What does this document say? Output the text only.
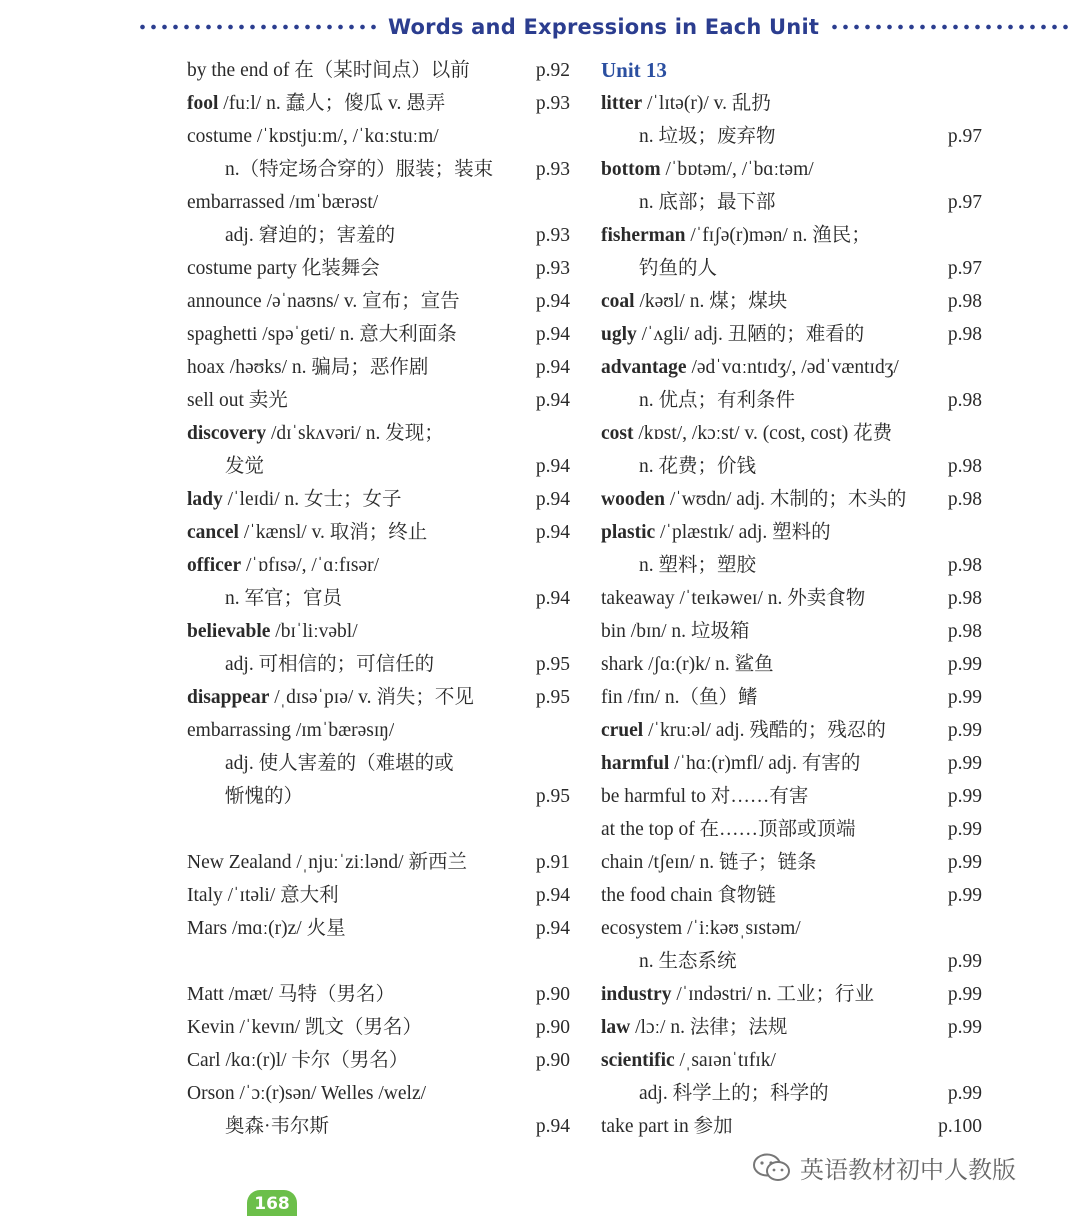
Words and Expressions in Each Unit
by the end of 在（某时间点）以前	p.92
fool /fuːl/ n. 蠢人；傻瓜 v. 愚弄	p.93
costume /ˈkɒstjuːm/, /ˈkɑːstuːm/
n.（特定场合穿的）服装；装束 p.93
embarrassed /ɪmˈbærəst/
adj. 窘迫的；害羞的	p.93
costume party 化装舞会	p.93
announce /əˈnaʊns/ v. 宣布；宣告	p.94
spaghetti /spəˈgeti/ n. 意大利面条	p.94
hoax /həʊks/ n. 骗局；恶作剧	p.94
sell out 卖光	p.94
discovery /dɪˈskʌvəri/ n. 发现；
发觉	p.94
lady /ˈleɪdi/ n. 女士；女子	p.94
cancel /ˈkænsl/ v. 取消；终止	p.94
officer /ˈɒfɪsə/, /ˈɑːfɪsər/
n. 军官；官员	p.94
believable /bɪˈliːvəbl/
adj. 可相信的；可信任的	p.95
disappear /ˌdɪsəˈpɪə/ v. 消失；不见	p.95
embarrassing /ɪmˈbærəsɪŋ/
adj. 使人害羞的（难堪的或
惭愧的）	p.95
New Zealand /ˌnjuːˈziːlənd/ 新西兰	p.91
Italy /ˈɪtəli/ 意大利	p.94
Mars /mɑː(r)z/ 火星	p.94
Matt /mæt/ 马特（男名）	p.90
Kevin /ˈkevɪn/ 凯文（男名）	p.90
Carl /kɑː(r)l/ 卡尔（男名）	p.90
Orson /ˈɔː(r)sən/ Welles /welz/
奥森·韦尔斯	p.94
Unit 13
litter /ˈlɪtə(r)/ v. 乱扔
n. 垃圾；废弃物	p.97
bottom /ˈbɒtəm/, /ˈbɑːtəm/
n. 底部；最下部	p.97
fisherman /ˈfɪʃə(r)mən/ n. 渔民；
钓鱼的人	p.97
coal /kəʊl/ n. 煤；煤块	p.98
ugly /ˈʌgli/ adj. 丑陋的；难看的	p.98
advantage /ədˈvɑːntɪdʒ/, /ədˈvæntɪdʒ/
n. 优点；有利条件	p.98
cost /kɒst/, /kɔːst/ v. (cost, cost) 花费
n. 花费；价钱	p.98
wooden /ˈwʊdn/ adj. 木制的；木头的 p.98
plastic /ˈplæstɪk/ adj. 塑料的
n. 塑料；塑胶	p.98
takeaway /ˈteɪkəweɪ/ n. 外卖食物	p.98
bin /bɪn/ n. 垃圾箱	p.98
shark /ʃɑː(r)k/ n. 鲨鱼	p.99
fin /fɪn/ n.（鱼）鳍	p.99
cruel /ˈkruːəl/ adj. 残酷的；残忍的	p.99
harmful /ˈhɑː(r)mfl/ adj. 有害的	p.99
be harmful to 对……有害	p.99
at the top of 在……顶部或顶端	p.99
chain /tʃeɪn/ n. 链子；链条	p.99
the food chain 食物链	p.99
ecosystem /ˈiːkəʊˌsɪstəm/
n. 生态系统	p.99
industry /ˈɪndəstri/ n. 工业；行业	p.99
law /lɔː/ n. 法律；法规	p.99
scientific /ˌsaɪənˈtɪfɪk/
adj. 科学上的；科学的	p.99
take part in 参加	p.100
英语教材初中人教版
168
